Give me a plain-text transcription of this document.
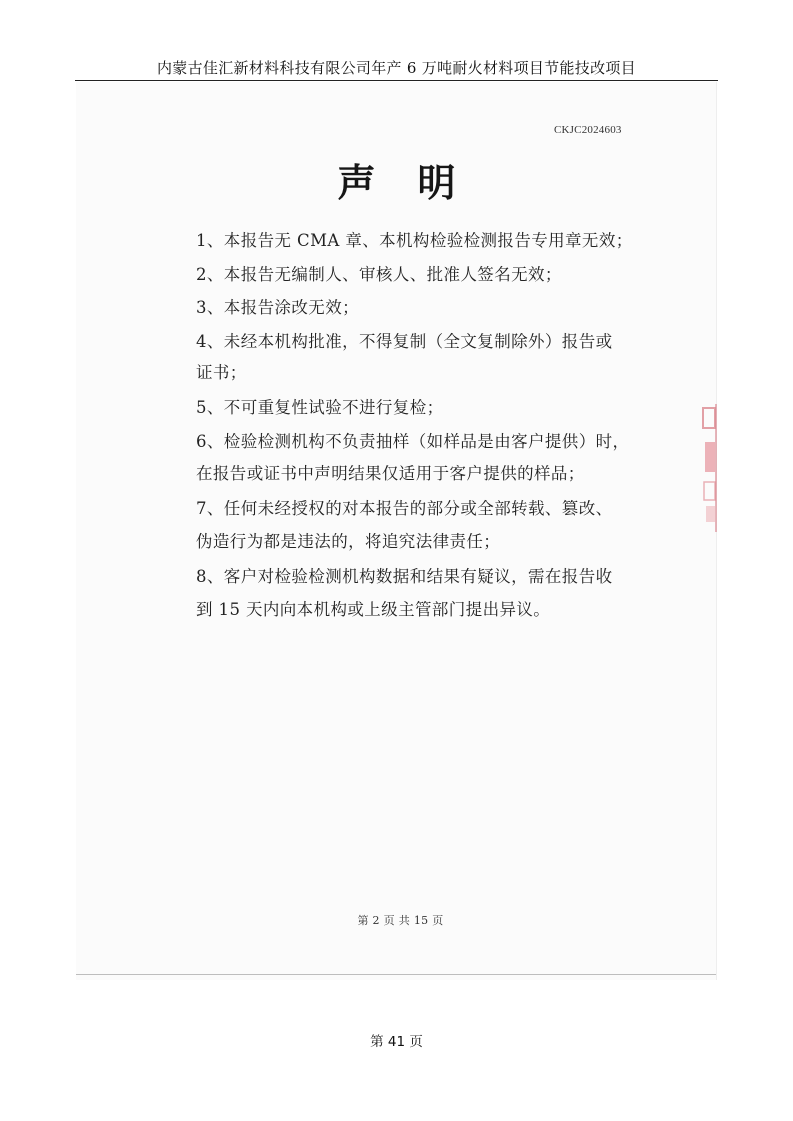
内蒙古佳汇新材料科技有限公司年产 6 万吨耐火材料项目节能技改项目
CKJC2024603
声明
1、本报告无 CMA 章、本机构检验检测报告专用章无效；
2、本报告无编制人、审核人、批准人签名无效；
3、本报告涂改无效；
4、未经本机构批准，不得复制（全文复制除外）报告或
证书；
5、不可重复性试验不进行复检；
6、检验检测机构不负责抽样（如样品是由客户提供）时，
在报告或证书中声明结果仅适用于客户提供的样品；
7、任何未经授权的对本报告的部分或全部转载、篡改、
伪造行为都是违法的，将追究法律责任；
8、客户对检验检测机构数据和结果有疑议，需在报告收
到 15 天内向本机构或上级主管部门提出异议。
第 2 页 共 15 页
第 41 页
